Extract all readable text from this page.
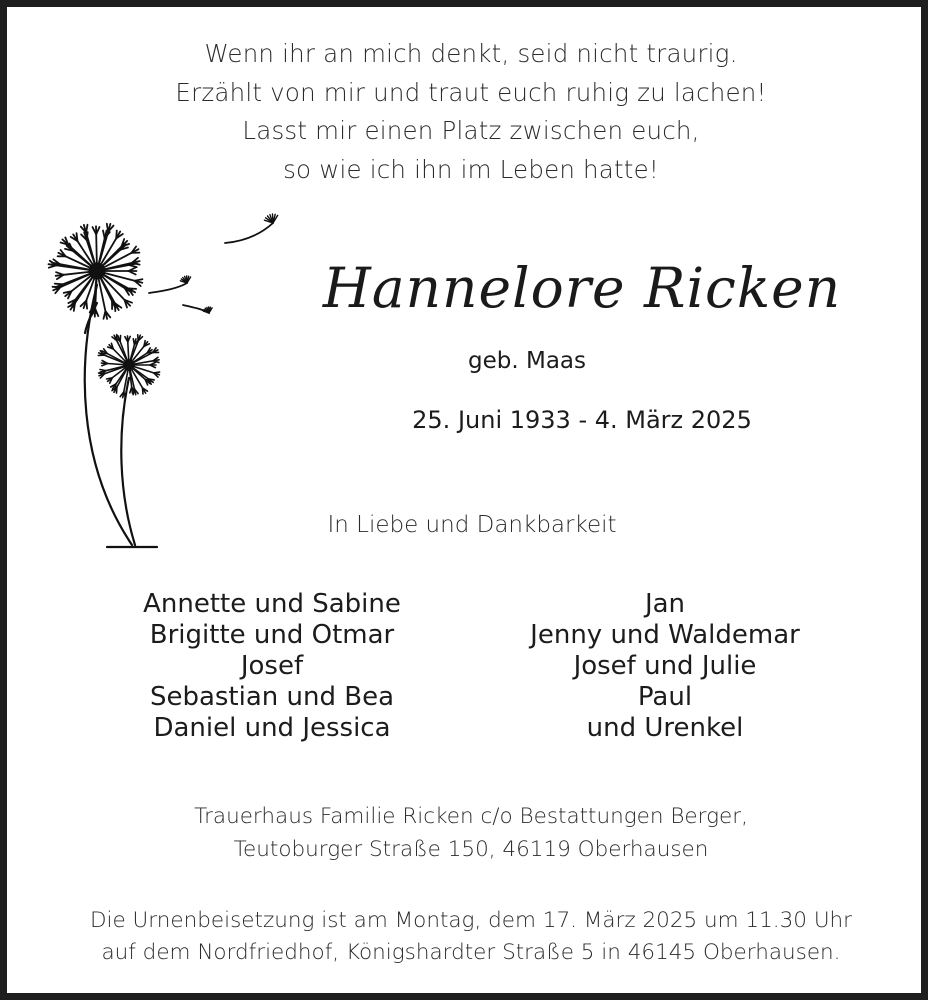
Wenn ihr an mich denkt, seid nicht traurig.
Erzählt von mir und traut euch ruhig zu lachen!
Lasst mir einen Platz zwischen euch,
so wie ich ihn im Leben hatte!
Hannelore Ricken
geb. Maas
25. Juni 1933 - 4. März 2025
In Liebe und Dankbarkeit
Annette und Sabine
Brigitte und Otmar
Josef
Sebastian und Bea
Daniel und Jessica
Jan
Jenny und Waldemar
Josef und Julie
Paul
und Urenkel
Trauerhaus Familie Ricken c/o Bestattungen Berger,
Teutoburger Straße 150, 46119 Oberhausen
Die Urnenbeisetzung ist am Montag, dem 17. März 2025 um 11.30 Uhr
auf dem Nordfriedhof, Königshardter Straße 5 in 46145 Oberhausen.
